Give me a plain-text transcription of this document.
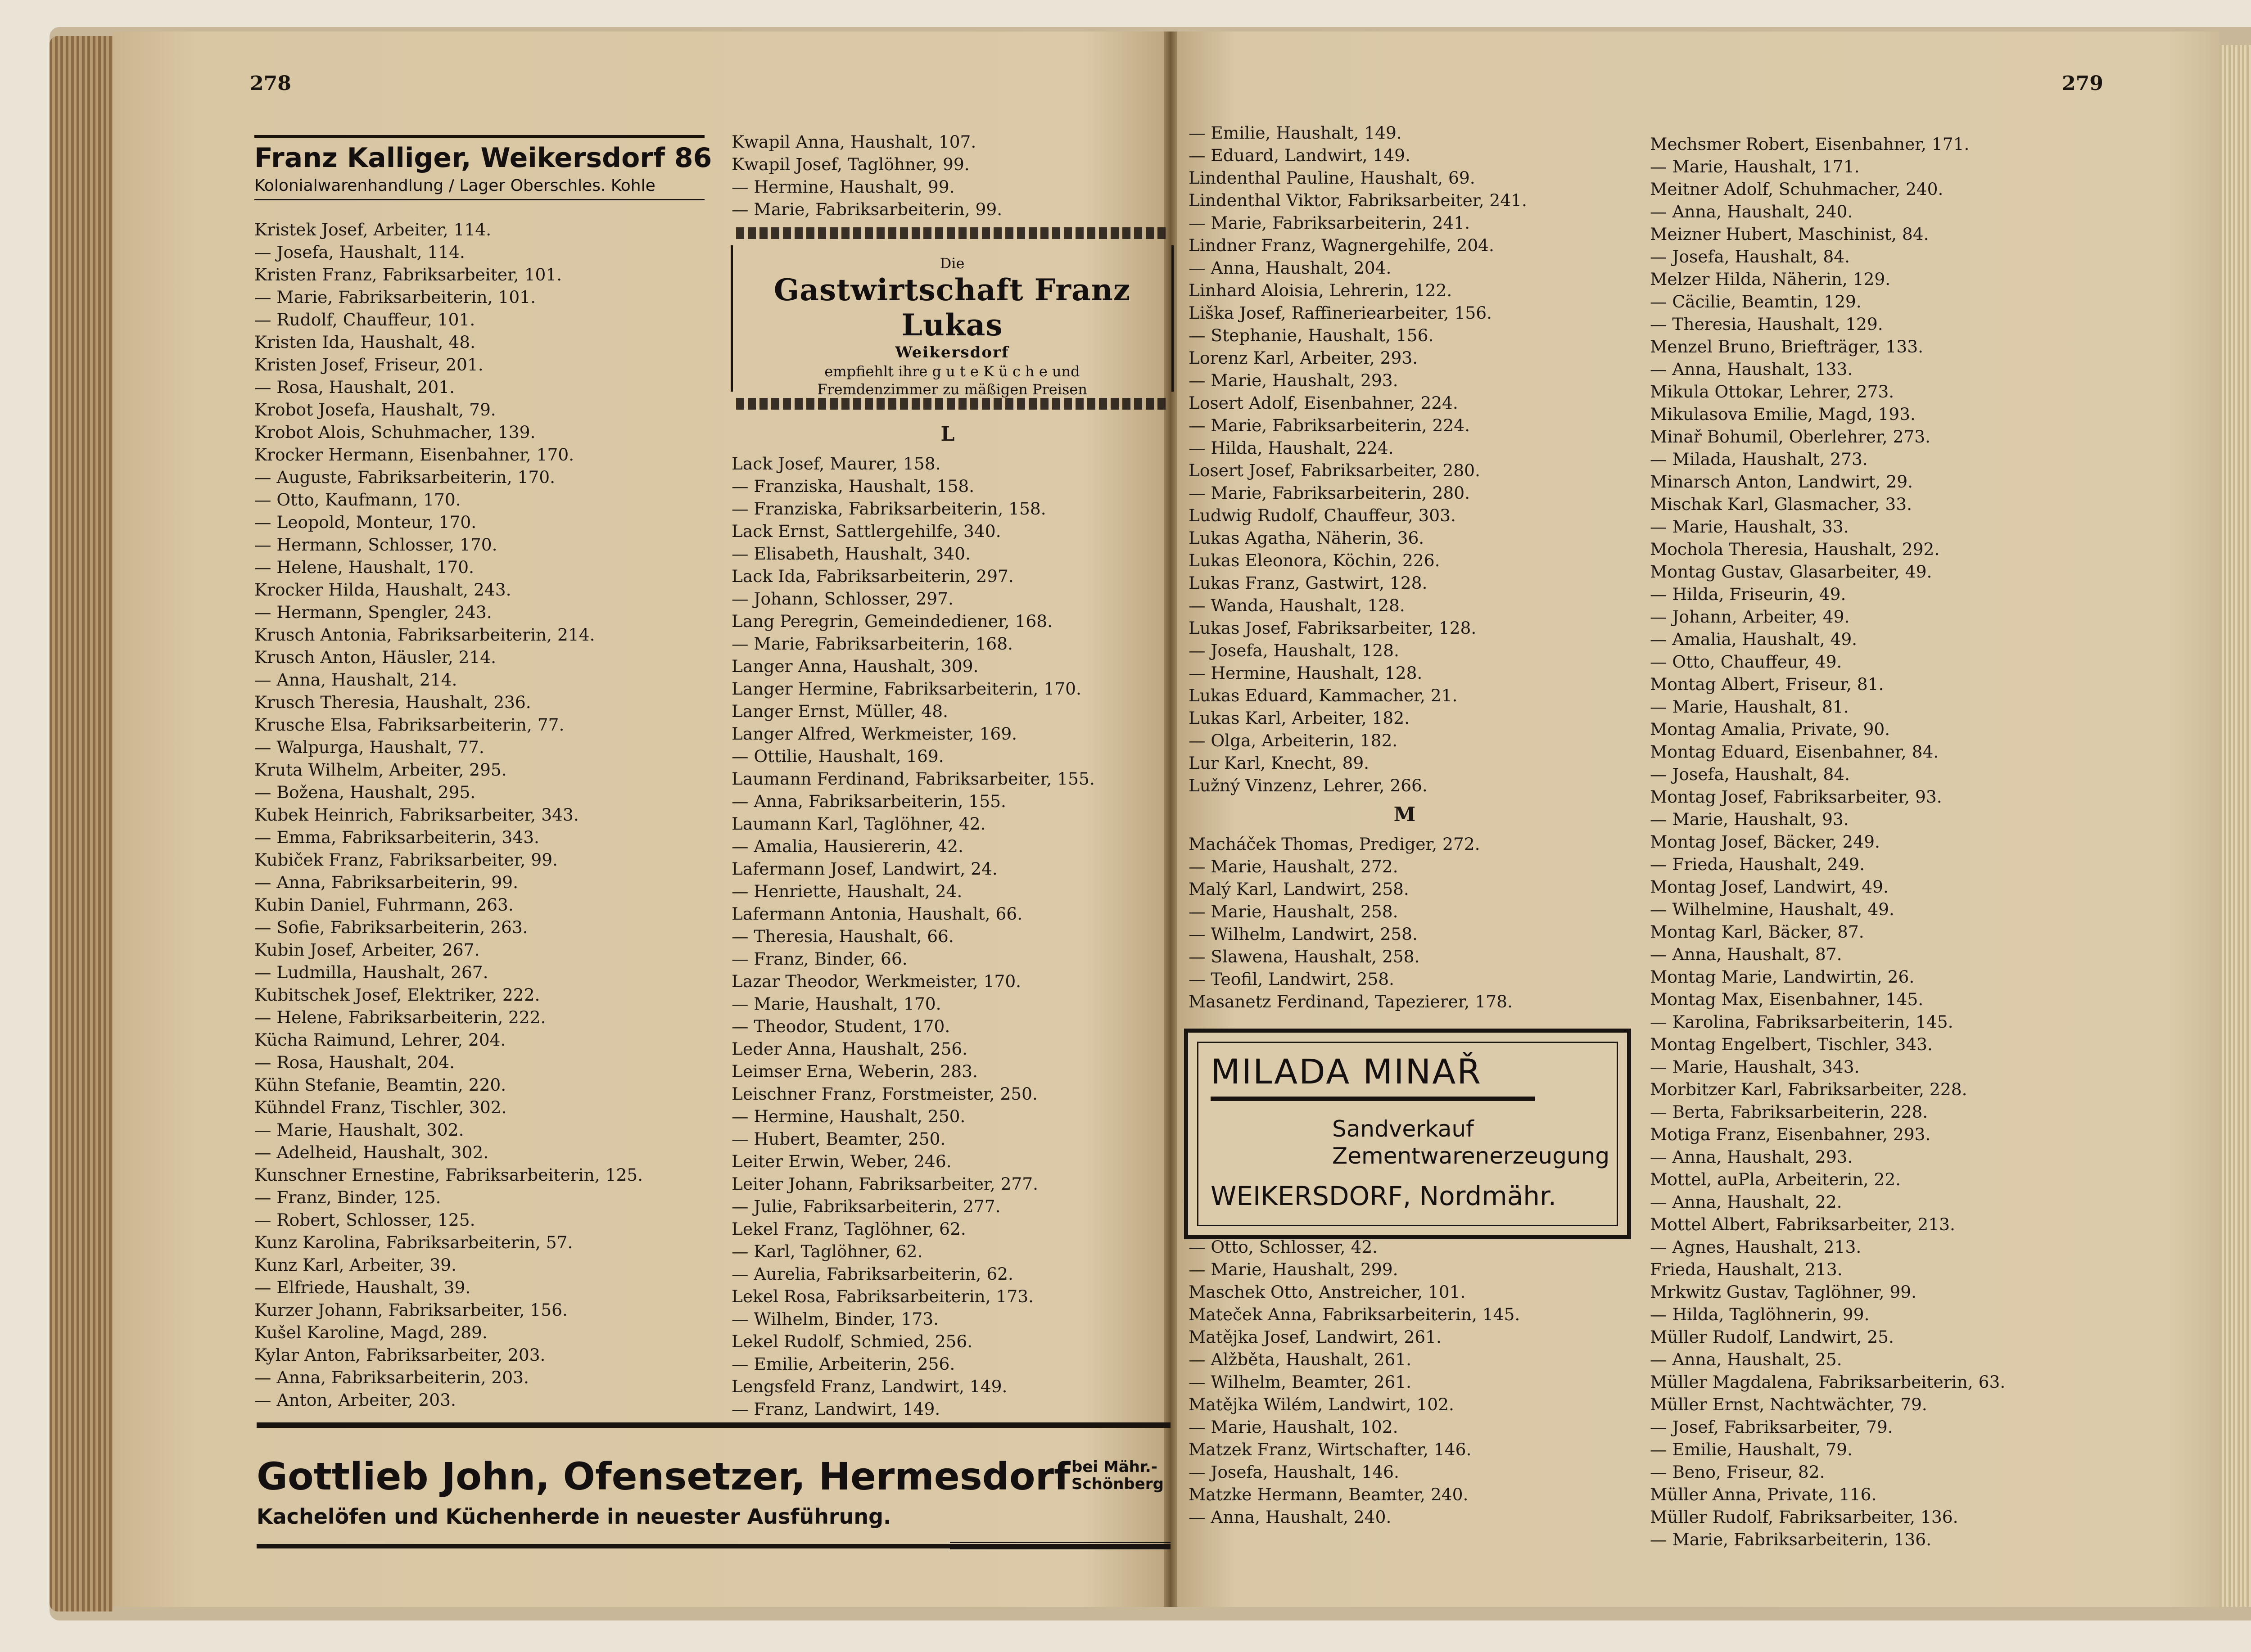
278	279
Franz Kalliger, Weikersdorf 86
Kolonialwarenhandlung / Lager Oberschles. Kohle
Kristek Josef, Arbeiter, 114.
— Josefa, Haushalt, 114.
Kristen Franz, Fabriksarbeiter, 101.
— Marie, Fabriksarbeiterin, 101.
— Rudolf, Chauffeur, 101.
Kristen Ida, Haushalt, 48.
Kristen Josef, Friseur, 201.
— Rosa, Haushalt, 201.
Krobot Josefa, Haushalt, 79.
Krobot Alois, Schuhmacher, 139.
Krocker Hermann, Eisenbahner, 170.
— Auguste, Fabriksarbeiterin, 170.
— Otto, Kaufmann, 170.
— Leopold, Monteur, 170.
— Hermann, Schlosser, 170.
— Helene, Haushalt, 170.
Krocker Hilda, Haushalt, 243.
— Hermann, Spengler, 243.
Krusch Antonia, Fabriksarbeiterin, 214.
Krusch Anton, Häusler, 214.
— Anna, Haushalt, 214.
Krusch Theresia, Haushalt, 236.
Krusche Elsa, Fabriksarbeiterin, 77.
— Walpurga, Haushalt, 77.
Kruta Wilhelm, Arbeiter, 295.
— Božena, Haushalt, 295.
Kubek Heinrich, Fabriksarbeiter, 343.
— Emma, Fabriksarbeiterin, 343.
Kubiček Franz, Fabriksarbeiter, 99.
— Anna, Fabriksarbeiterin, 99.
Kubin Daniel, Fuhrmann, 263.
— Sofie, Fabriksarbeiterin, 263.
Kubin Josef, Arbeiter, 267.
— Ludmilla, Haushalt, 267.
Kubitschek Josef, Elektriker, 222.
— Helene, Fabriksarbeiterin, 222.
Kücha Raimund, Lehrer, 204.
— Rosa, Haushalt, 204.
Kühn Stefanie, Beamtin, 220.
Kühndel Franz, Tischler, 302.
— Marie, Haushalt, 302.
— Adelheid, Haushalt, 302.
Kunschner Ernestine, Fabriksarbeiterin, 125.
— Franz, Binder, 125.
— Robert, Schlosser, 125.
Kunz Karolina, Fabriksarbeiterin, 57.
Kunz Karl, Arbeiter, 39.
— Elfriede, Haushalt, 39.
Kurzer Johann, Fabriksarbeiter, 156.
Kušel Karoline, Magd, 289.
Kylar Anton, Fabriksarbeiter, 203.
— Anna, Fabriksarbeiterin, 203.
— Anton, Arbeiter, 203.
Kwapil Anna, Haushalt, 107.
Kwapil Josef, Taglöhner, 99.
— Hermine, Haushalt, 99.
— Marie, Fabriksarbeiterin, 99.
Die
Gastwirtschaft Franz Lukas
Weikersdorf
empfiehlt ihre g u t e K ü c h e und
Fremdenzimmer zu mäßigen Preisen
L
Lack Josef, Maurer, 158.
— Franziska, Haushalt, 158.
— Franziska, Fabriksarbeiterin, 158.
Lack Ernst, Sattlergehilfe, 340.
— Elisabeth, Haushalt, 340.
Lack Ida, Fabriksarbeiterin, 297.
— Johann, Schlosser, 297.
Lang Peregrin, Gemeindediener, 168.
— Marie, Fabriksarbeiterin, 168.
Langer Anna, Haushalt, 309.
Langer Hermine, Fabriksarbeiterin, 170.
Langer Ernst, Müller, 48.
Langer Alfred, Werkmeister, 169.
— Ottilie, Haushalt, 169.
Laumann Ferdinand, Fabriksarbeiter, 155.
— Anna, Fabriksarbeiterin, 155.
Laumann Karl, Taglöhner, 42.
— Amalia, Hausiererin, 42.
Lafermann Josef, Landwirt, 24.
— Henriette, Haushalt, 24.
Lafermann Antonia, Haushalt, 66.
— Theresia, Haushalt, 66.
— Franz, Binder, 66.
Lazar Theodor, Werkmeister, 170.
— Marie, Haushalt, 170.
— Theodor, Student, 170.
Leder Anna, Haushalt, 256.
Leimser Erna, Weberin, 283.
Leischner Franz, Forstmeister, 250.
— Hermine, Haushalt, 250.
— Hubert, Beamter, 250.
Leiter Erwin, Weber, 246.
Leiter Johann, Fabriksarbeiter, 277.
— Julie, Fabriksarbeiterin, 277.
Lekel Franz, Taglöhner, 62.
— Karl, Taglöhner, 62.
— Aurelia, Fabriksarbeiterin, 62.
Lekel Rosa, Fabriksarbeiterin, 173.
— Wilhelm, Binder, 173.
Lekel Rudolf, Schmied, 256.
— Emilie, Arbeiterin, 256.
Lengsfeld Franz, Landwirt, 149.
— Franz, Landwirt, 149.
— Emilie, Haushalt, 149.
— Eduard, Landwirt, 149.
Lindenthal Pauline, Haushalt, 69.
Lindenthal Viktor, Fabriksarbeiter, 241.
— Marie, Fabriksarbeiterin, 241.
Lindner Franz, Wagnergehilfe, 204.
— Anna, Haushalt, 204.
Linhard Aloisia, Lehrerin, 122.
Liška Josef, Raffineriearbeiter, 156.
— Stephanie, Haushalt, 156.
Lorenz Karl, Arbeiter, 293.
— Marie, Haushalt, 293.
Losert Adolf, Eisenbahner, 224.
— Marie, Fabriksarbeiterin, 224.
— Hilda, Haushalt, 224.
Losert Josef, Fabriksarbeiter, 280.
— Marie, Fabriksarbeiterin, 280.
Ludwig Rudolf, Chauffeur, 303.
Lukas Agatha, Näherin, 36.
Lukas Eleonora, Köchin, 226.
Lukas Franz, Gastwirt, 128.
— Wanda, Haushalt, 128.
Lukas Josef, Fabriksarbeiter, 128.
— Josefa, Haushalt, 128.
— Hermine, Haushalt, 128.
Lukas Eduard, Kammacher, 21.
Lukas Karl, Arbeiter, 182.
— Olga, Arbeiterin, 182.
Lur Karl, Knecht, 89.
Lužný Vinzenz, Lehrer, 266.
M
Macháček Thomas, Prediger, 272.
— Marie, Haushalt, 272.
Malý Karl, Landwirt, 258.
— Marie, Haushalt, 258.
— Wilhelm, Landwirt, 258.
— Slawena, Haushalt, 258.
— Teofil, Landwirt, 258.
Masanetz Ferdinand, Tapezierer, 178.
MILADA MINAŘ
Sandverkauf
Zementwarenerzeugung
WEIKERSDORF, Nordmähr.
— Otto, Schlosser, 42.
— Marie, Haushalt, 299.
Maschek Otto, Anstreicher, 101.
Mateček Anna, Fabriksarbeiterin, 145.
Matějka Josef, Landwirt, 261.
— Alžběta, Haushalt, 261.
— Wilhelm, Beamter, 261.
Matějka Wilém, Landwirt, 102.
— Marie, Haushalt, 102.
Matzek Franz, Wirtschafter, 146.
— Josefa, Haushalt, 146.
Matzke Hermann, Beamter, 240.
— Anna, Haushalt, 240.
Mechsmer Robert, Eisenbahner, 171.
— Marie, Haushalt, 171.
Meitner Adolf, Schuhmacher, 240.
— Anna, Haushalt, 240.
Meizner Hubert, Maschinist, 84.
— Josefa, Haushalt, 84.
Melzer Hilda, Näherin, 129.
— Cäcilie, Beamtin, 129.
— Theresia, Haushalt, 129.
Menzel Bruno, Briefträger, 133.
— Anna, Haushalt, 133.
Mikula Ottokar, Lehrer, 273.
Mikulasova Emilie, Magd, 193.
Minař Bohumil, Oberlehrer, 273.
— Milada, Haushalt, 273.
Minarsch Anton, Landwirt, 29.
Mischak Karl, Glasmacher, 33.
— Marie, Haushalt, 33.
Mochola Theresia, Haushalt, 292.
Montag Gustav, Glasarbeiter, 49.
— Hilda, Friseurin, 49.
— Johann, Arbeiter, 49.
— Amalia, Haushalt, 49.
— Otto, Chauffeur, 49.
Montag Albert, Friseur, 81.
— Marie, Haushalt, 81.
Montag Amalia, Private, 90.
Montag Eduard, Eisenbahner, 84.
— Josefa, Haushalt, 84.
Montag Josef, Fabriksarbeiter, 93.
— Marie, Haushalt, 93.
Montag Josef, Bäcker, 249.
— Frieda, Haushalt, 249.
Montag Josef, Landwirt, 49.
— Wilhelmine, Haushalt, 49.
Montag Karl, Bäcker, 87.
— Anna, Haushalt, 87.
Montag Marie, Landwirtin, 26.
Montag Max, Eisenbahner, 145.
— Karolina, Fabriksarbeiterin, 145.
Montag Engelbert, Tischler, 343.
— Marie, Haushalt, 343.
Morbitzer Karl, Fabriksarbeiter, 228.
— Berta, Fabriksarbeiterin, 228.
Motiga Franz, Eisenbahner, 293.
— Anna, Haushalt, 293.
Mottel, auPla, Arbeiterin, 22.
— Anna, Haushalt, 22.
Mottel Albert, Fabriksarbeiter, 213.
— Agnes, Haushalt, 213.
Frieda, Haushalt, 213.
Mrkwitz Gustav, Taglöhner, 99.
— Hilda, Taglöhnerin, 99.
Müller Rudolf, Landwirt, 25.
— Anna, Haushalt, 25.
Müller Magdalena, Fabriksarbeiterin, 63.
Müller Ernst, Nachtwächter, 79.
— Josef, Fabriksarbeiter, 79.
— Emilie, Haushalt, 79.
— Beno, Friseur, 82.
Müller Anna, Private, 116.
Müller Rudolf, Fabriksarbeiter, 136.
— Marie, Fabriksarbeiterin, 136.
Gottlieb John, Ofensetzer, Hermesdorf bei Mähr.-Schönberg
Kachelöfen und Küchenherde in neuester Ausführung.
